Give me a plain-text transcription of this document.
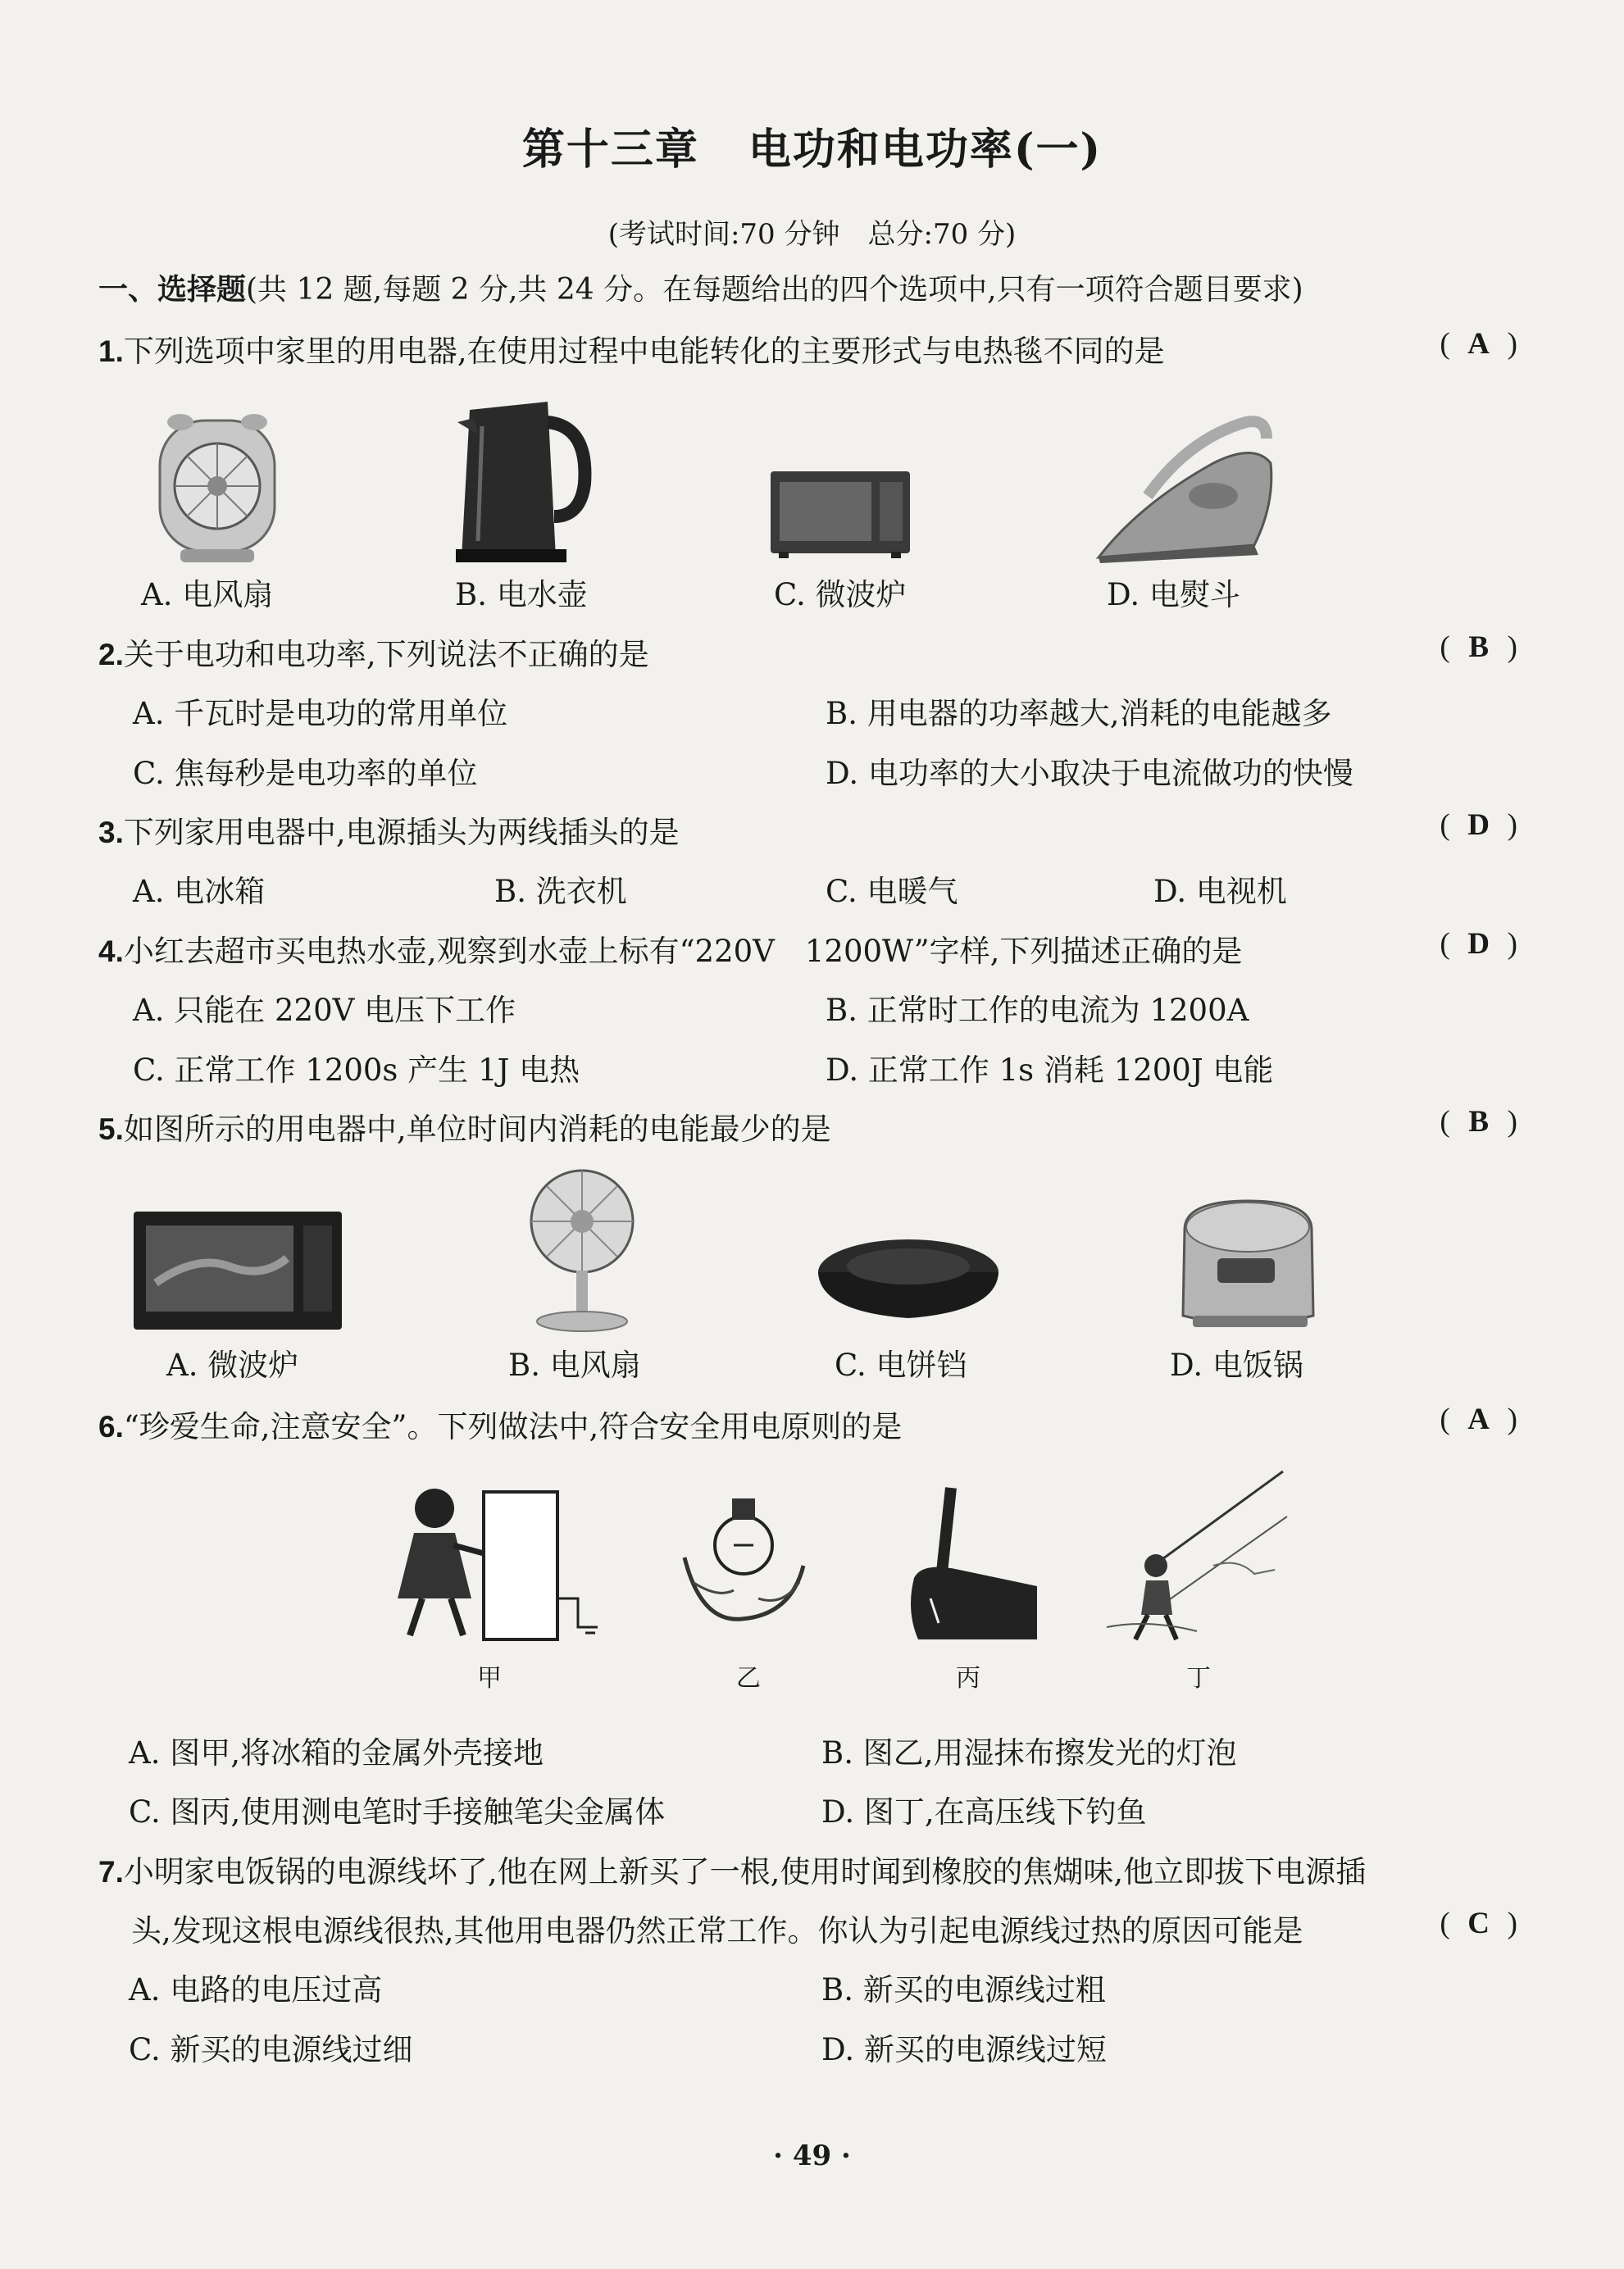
第十三章 电功和电功率(一)
(考试时间:70 分钟　总分:70 分)
一、选择题(共 12 题,每题 2 分,共 24 分。在每题给出的四个选项中,只有一项符合题目要求)
1.下列选项中家里的用电器,在使用过程中电能转化的主要形式与电热毯不同的是	( A )
A. 电风扇	B. 电水壶	C. 微波炉	D. 电熨斗
2.关于电功和电功率,下列说法不正确的是	( B )
A. 千瓦时是电功的常用单位	B. 用电器的功率越大,消耗的电能越多
C. 焦每秒是电功率的单位	D. 电功率的大小取决于电流做功的快慢
3.下列家用电器中,电源插头为两线插头的是	( D )
A. 电冰箱	B. 洗衣机	C. 电暖气	D. 电视机
4.小红去超市买电热水壶,观察到水壶上标有“220V　1200W”字样,下列描述正确的是	( D )
A. 只能在 220V 电压下工作	B. 正常时工作的电流为 1200A
C. 正常工作 1200s 产生 1J 电热	D. 正常工作 1s 消耗 1200J 电能
5.如图所示的用电器中,单位时间内消耗的电能最少的是	( B )
A. 微波炉	B. 电风扇	C. 电饼铛	D. 电饭锅
6.“珍爱生命,注意安全”。下列做法中,符合安全用电原则的是	( A )
甲	乙	丙	丁
A. 图甲,将冰箱的金属外壳接地	B. 图乙,用湿抹布擦发光的灯泡
C. 图丙,使用测电笔时手接触笔尖金属体	D. 图丁,在高压线下钓鱼
7.小明家电饭锅的电源线坏了,他在网上新买了一根,使用时闻到橡胶的焦煳味,他立即拔下电源插
头,发现这根电源线很热,其他用电器仍然正常工作。你认为引起电源线过热的原因可能是	( C )
A. 电路的电压过高	B. 新买的电源线过粗
C. 新买的电源线过细	D. 新买的电源线过短
· 49 ·
